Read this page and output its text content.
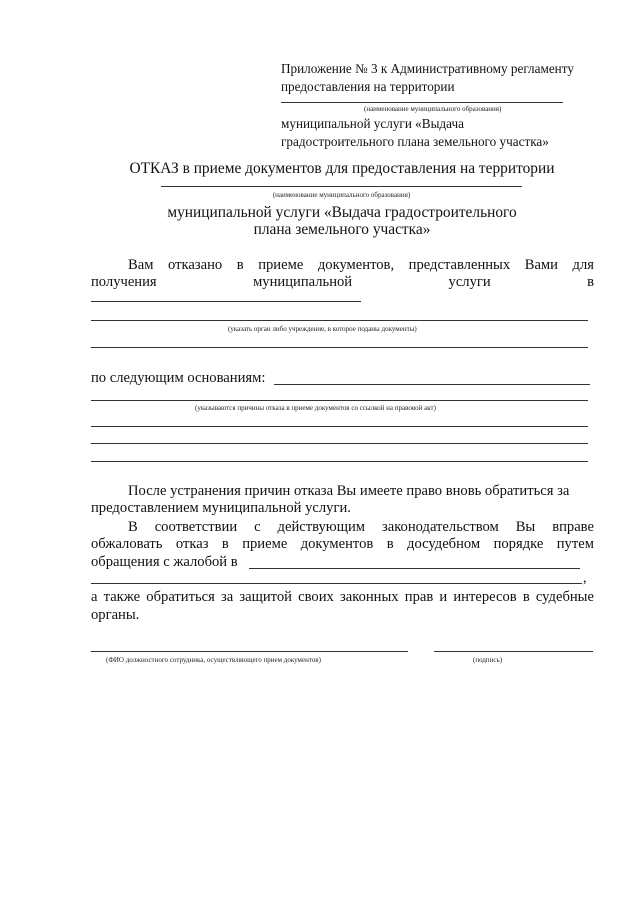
Приложение № 3 к Административному регламенту
предоставления на территории
(наименование муниципального образования)
муниципальной услуги «Выдача
градостроительного плана земельного участка»
ОТКАЗ в приеме документов для предоставления на территории
(наименование муниципального образования)
муниципальной услуги «Выдача градостроительного
плана земельного участка»
Вам отказано в приеме документов, представленных Вами для
получения	муниципальной	услуги	в
(указать орган либо учреждение, в которое поданы документы)
по следующим основаниям:
(указываются причины отказа в приеме документов со ссылкой на правовой акт)
После устранения причин отказа Вы имеете право вновь обратиться за
предоставлением муниципальной услуги.
В соответствии с действующим законодательством Вы вправе
обжаловать отказ в приеме документов в досудебном порядке путем
обращения с жалобой в
,
а также обратиться за защитой своих законных прав и интересов в судебные
органы.
(ФИО должностного сотрудника, осуществляющего прием документов)	(подпись)
